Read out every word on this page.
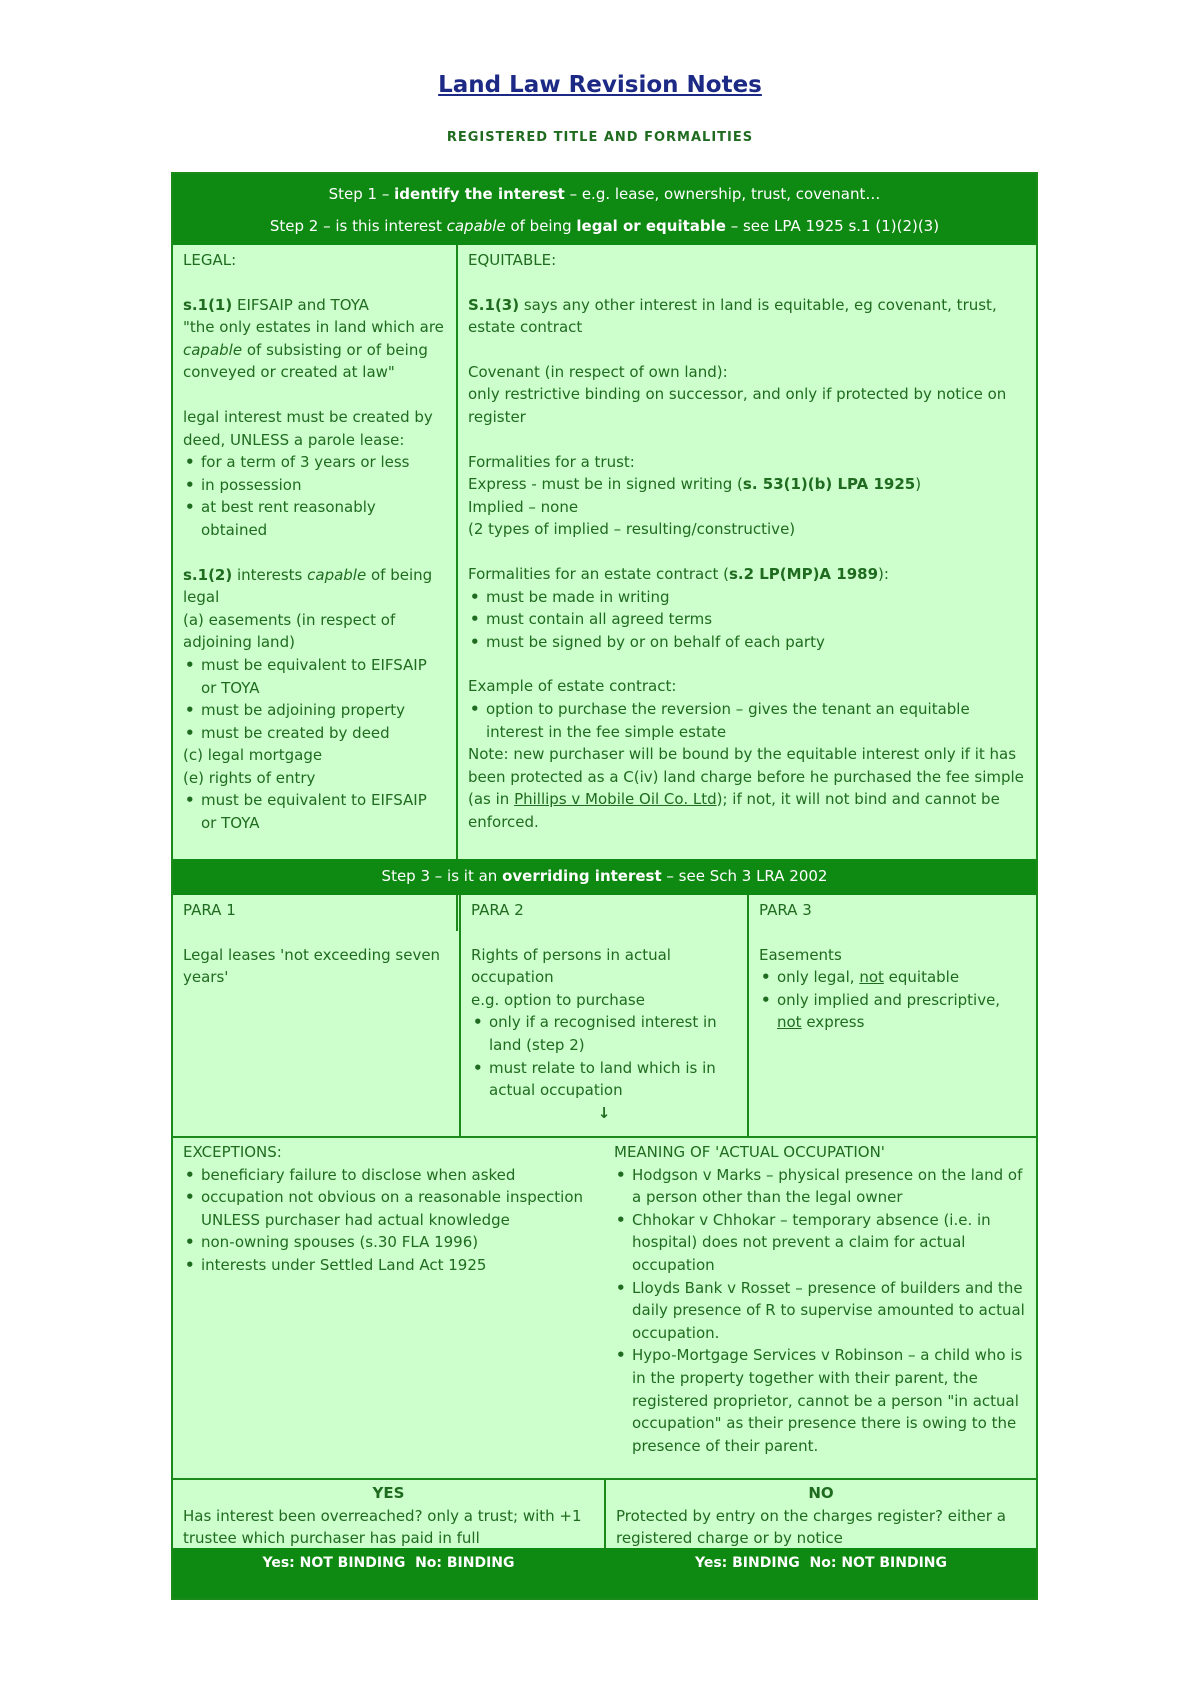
Land Law Revision Notes
REGISTERED TITLE AND FORMALITIES
Step 1 – identify the interest – e.g. lease, ownership, trust, covenant…
Step 2 – is this interest capable of being legal or equitable – see LPA 1925 s.1 (1)(2)(3)

LEGAL:

s.1(1) EIFSAIP and TOYA

"the only estates in land which are capable of subsisting or of being conveyed or created at law"

legal interest must be created by deed, UNLESS a parole lease:

• for a term of 3 years or less
• in possession
• at best rent reasonably obtained

s.1(2) interests capable of being legal

(a) easements (in respect of adjoining land)

• must be equivalent to EIFSAIP or TOYA
• must be adjoining property
• must be created by deed

(c) legal mortgage

(e) rights of entry

• must be equivalent to EIFSAIP or TOYA

EQUITABLE:

S.1(3) says any other interest in land is equitable, eg covenant, trust, estate contract

Covenant (in respect of own land):

only restrictive binding on successor, and only if protected by notice on register

Formalities for a trust:

Express - must be in signed writing (s. 53(1)(b) LPA 1925)

Implied – none

(2 types of implied – resulting/constructive)

Formalities for an estate contract (s.2 LP(MP)A 1989):

• must be made in writing
• must contain all agreed terms
• must be signed by or on behalf of each party

Example of estate contract:

• option to purchase the reversion – gives the tenant an equitable interest in the fee simple estate

Note: new purchaser will be bound by the equitable interest only if it has been protected as a C(iv) land charge before he purchased the fee simple (as in Phillips v Mobile Oil Co. Ltd); if not, it will not bind and cannot be enforced.

Step 3 – is it an overriding interest – see Sch 3 LRA 2002

PARA 1

Legal leases 'not exceeding seven years'

PARA 2

Rights of persons in actual occupation

e.g. option to purchase

• only if a recognised interest in land (step 2)
• must relate to land which is in actual occupation

↓

PARA 3

Easements

• only legal, not equitable
• only implied and prescriptive, not express

EXCEPTIONS:

• beneficiary failure to disclose when asked
• occupation not obvious on a reasonable inspection UNLESS purchaser had actual knowledge
• non-owning spouses (s.30 FLA 1996)
• interests under Settled Land Act 1925

MEANING OF 'ACTUAL OCCUPATION'

• Hodgson v Marks – physical presence on the land of a person other than the legal owner
• Chhokar v Chhokar – temporary absence (i.e. in hospital) does not prevent a claim for actual occupation
• Lloyds Bank v Rosset – presence of builders and the daily presence of R to supervise amounted to actual occupation.
• Hypo-Mortgage Services v Robinson – a child who is in the property together with their parent, the registered proprietor, cannot be a person "in actual occupation" as their presence there is owing to the presence of their parent.

YES

Has interest been overreached? only a trust; with +1 trustee which purchaser has paid in full

NO

Protected by entry on the charges register? either a registered charge or by notice

Yes: NOT BINDING  No: BINDING	Yes: BINDING  No: NOT BINDING
